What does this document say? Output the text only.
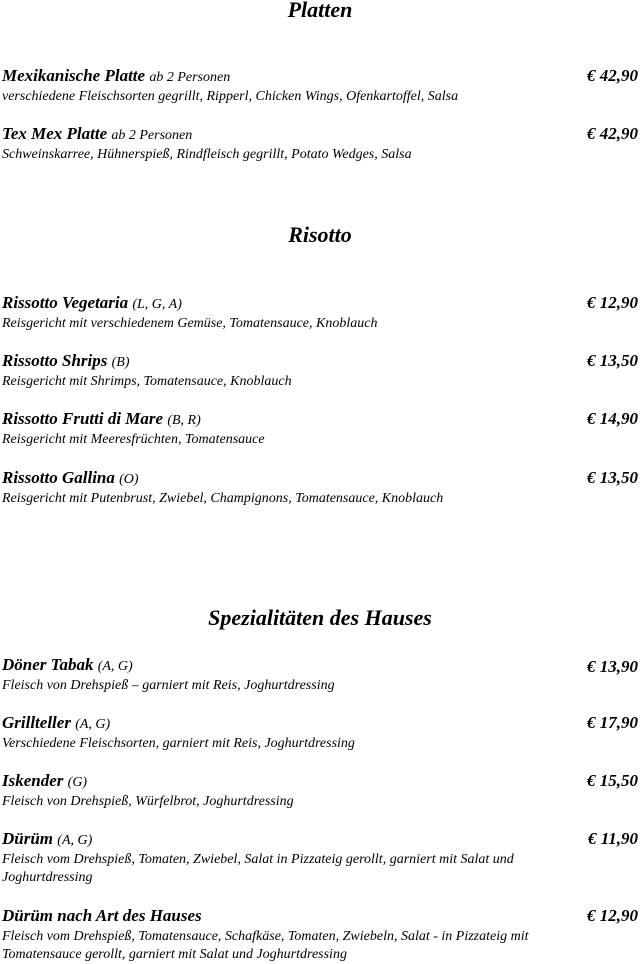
Platten
Mexikanische Platte ab 2 Personen
verschiedene Fleischsorten gegrillt, Ripperl, Chicken Wings, Ofenkartoffel, Salsa
€ 42,90
Tex Mex Platte ab 2 Personen
Schweinskarree, Hühnerspieß, Rindfleisch gegrillt, Potato Wedges, Salsa
€ 42,90
Risotto
Rissotto Vegetaria (L, G, A)
Reisgericht mit verschiedenem Gemüse, Tomatensauce, Knoblauch
€ 12,90
Rissotto Shrips (B)
Reisgericht mit Shrimps, Tomatensauce, Knoblauch
€ 13,50
Rissotto Frutti di Mare (B, R)
Reisgericht mit Meeresfrüchten, Tomatensauce
€ 14,90
Rissotto Gallina (O)
Reisgericht mit Putenbrust, Zwiebel, Champignons, Tomatensauce, Knoblauch
€ 13,50
Spezialitäten des Hauses
Döner Tabak (A, G)
Fleisch von Drehspieß – garniert mit Reis, Joghurtdressing
€ 13,90
Grillteller (A, G)
Verschiedene Fleischsorten, garniert mit Reis, Joghurtdressing
€ 17,90
Iskender (G)
Fleisch von Drehspieß, Würfelbrot, Joghurtdressing
€ 15,50
Dürüm (A, G)
Fleisch vom Drehspieß, Tomaten, Zwiebel, Salat in Pizzateig gerollt, garniert mit Salat und Joghurtdressing
€ 11,90
Dürüm nach Art des Hauses
Fleisch vom Drehspieß, Tomatensauce, Schafkäse, Tomaten, Zwiebeln, Salat - in Pizzateig mit Tomatensauce gerollt, garniert mit Salat und Joghurtdressing
€ 12,90
